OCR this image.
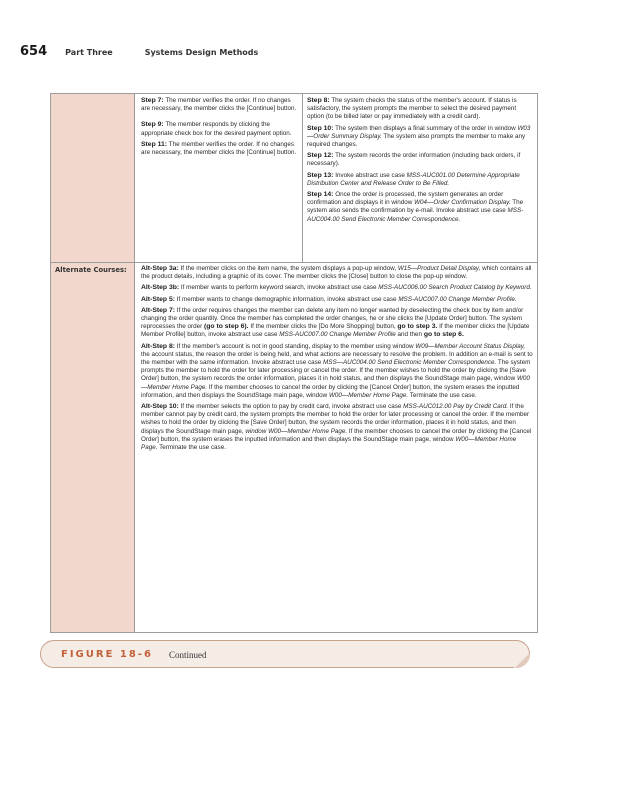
654 Part Three	Systems Design Methods

Step 7: The member verifies the order. If no changes are necessary, the member clicks the [Continue] button.

Step 9: The member responds by clicking the appropriate check box for the desired payment option.

Step 11: The member verifies the order. If no changes are necessary, the member clicks the [Continue] button.

Step 8: The system checks the status of the member's account. If status is satisfactory, the system prompts the member to select the desired payment option (to be billed later or pay immediately with a credit card).

Step 10: The system then displays a final summary of the order in window W03—Order Summary Display. The system also prompts the member to make any required changes.

Step 12: The system records the order information (including back orders, if necessary).

Step 13: Invoke abstract use case MSS-AUC001.00 Determine Appropriate Distribution Center and Release Order to Be Filled.

Step 14: Once the order is processed, the system generates an order confirmation and displays it in window W04—Order Confirmation Display. The system also sends the confirmation by e-mail. Invoke abstract use case MSS-AUC004.00 Send Electronic Member Correspondence.

Alternate Courses:	Alt-Step 3a: If the member clicks on the item name, the system displays a pop-up window, W15—Product Detail Display, which contains all the product details, including a graphic of its cover. The member clicks the [Close] button to close the pop-up window.

Alt-Step 3b: If member wants to perform keyword search, invoke abstract use case MSS-AUC006.00 Search Product Catalog by Keyword.

Alt-Step 5: If member wants to change demographic information, invoke abstract use case MSS-AUC007.00 Change Member Profile.

Alt-Step 7: If the order requires changes the member can delete any item no longer wanted by deselecting the check box by item and/or changing the order quantity. Once the member has completed the order changes, he or she clicks the [Update Order] button. The system reprocesses the order (go to step 6). If the member clicks the [Do More Shopping] button, go to step 3. If the member clicks the [Update Member Profile] button, invoke abstract use case MSS-AUC007.00 Change Member Profile and then go to step 6.

Alt-Step 8: If the member's account is not in good standing, display to the member using window W09—Member Account Status Display, the account status, the reason the order is being held, and what actions are necessary to resolve the problem. In addition an e-mail is sent to the member with the same information. Invoke abstract use case MSS—AUC004.00 Send Electronic Member Correspondence. The system prompts the member to hold the order for later processing or cancel the order. If the member wishes to hold the order by clicking the [Save Order] button, the system records the order information, places it in hold status, and then displays the SoundStage main page, window W00—Member Home Page. If the member chooses to cancel the order by clicking the [Cancel Order] button, the system erases the inputted information, and then displays the SoundStage main page, window W00—Member Home Page. Terminate the use case.

Alt-Step 10: If the member selects the option to pay by credit card, invoke abstract use case MSS-AUC012.00 Pay by Credit Card. If the member cannot pay by credit card, the system prompts the member to hold the order for later processing or cancel the order. If the member wishes to hold the order by clicking the [Save Order] button, the system records the order information, places it in hold status, and then displays the SoundStage main page, window W00—Member Home Page. If the member chooses to cancel the order by clicking the [Cancel Order] button, the system erases the inputted information and then displays the SoundStage main page, window W00—Member Home Page. Terminate the use case.

FIGURE 18-6 Continued
